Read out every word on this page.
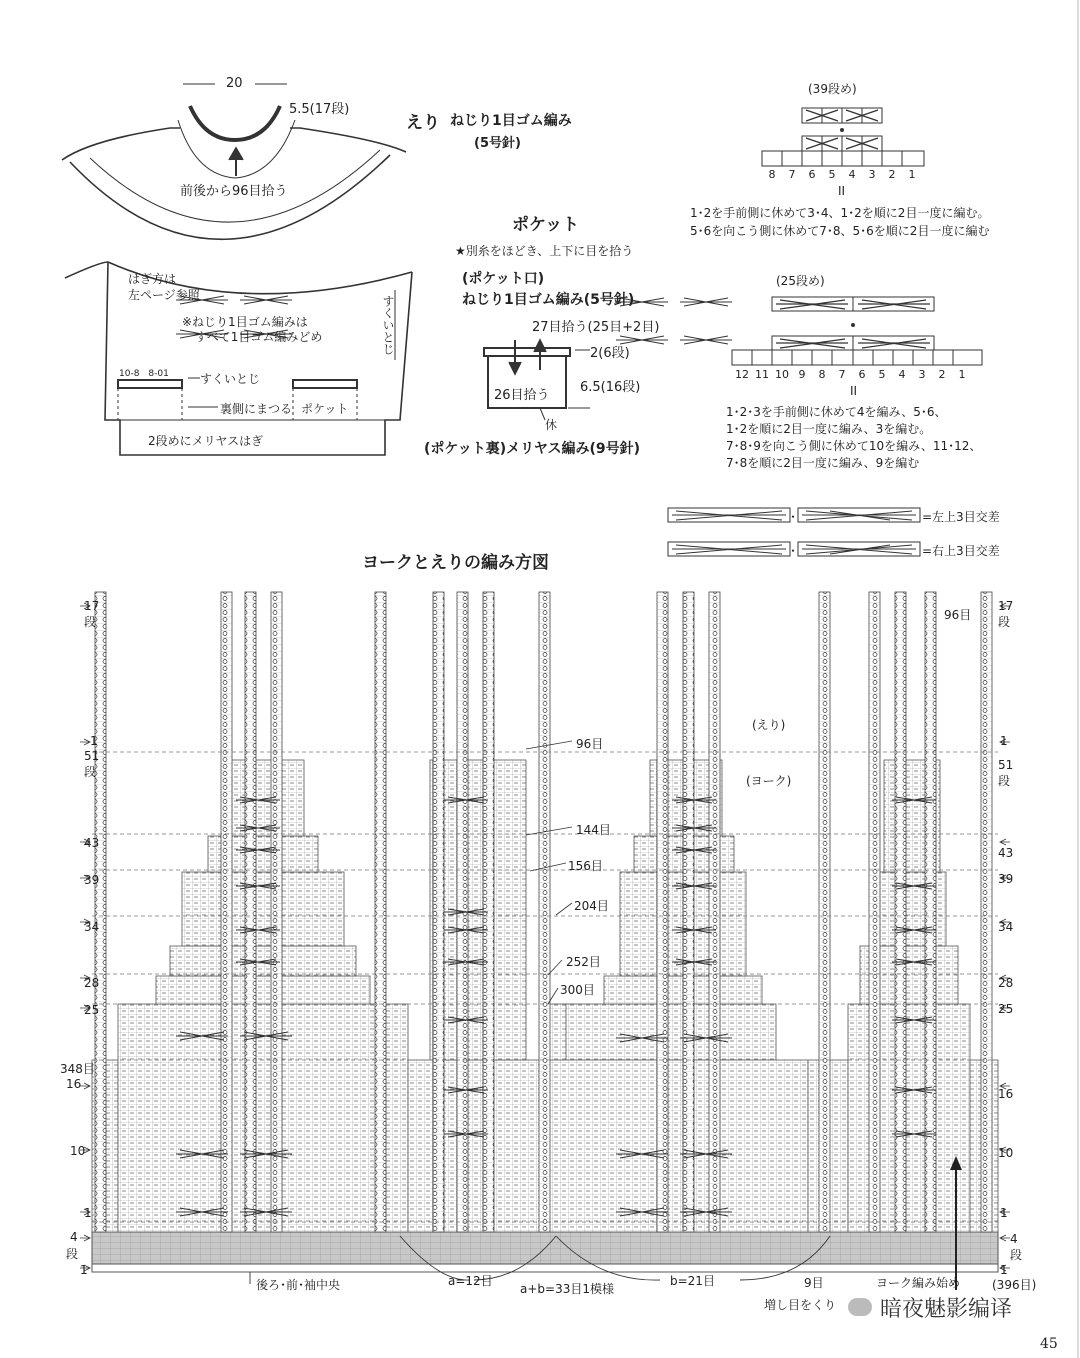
20
5.5(17段)
前後から96目拾う
えり ねじり1目ゴム編み
(5号針)
はぎ方は
左ページ参照
※ねじり1目ゴム編みは
すべて1目ゴム編みどめ	すくいとじ
10-8　8-01	すくいとじ
裏側にまつる ポケット
2段めにメリヤスはぎ
ポケット
★別糸をほどき、上下に目を拾う
(ポケット口)
ねじり1目ゴム編み(5号針)
27目拾う(25目+2目)
2(6段)
26目拾う
6.5(16段)
休
(ポケット裏)メリヤス編み(9号針)
(39段め)
8	7	6	5	4	3	2	1
II
1･2を手前側に休めて3･4、1･2を順に2目一度に編む。
5･6を向こう側に休めて7･8、5･6を順に2目一度に編む
(25段め)
12 11 10 9	8	7	6	5	4	3	2	1
II
1･2･3を手前側に休めて4を編み、5･6、
1･2を順に2目一度に編み、3を編む。
7･8･9を向こう側に休めて10を編み、11･12、
7･8を順に2目一度に編み、9を編む
･	=左上3目交差
･	=右上3目交差
ヨークとえりの編み方図
(えり)
(ヨーク)
96目
17
段
1
51
段
43
39
34
28
25
348目
16
10
1
4
段
1
17
段
1
51
段
43
39
34
28
25
16
10
1
4
段
1
96目
144目
156目
204目
252目
300目
後ろ･前･袖中央	a=12目
a+b=33目1模様
b=21目	9目	ヨーク編み始め	(396目)
増し目をくり 暗夜魅影编译
45
